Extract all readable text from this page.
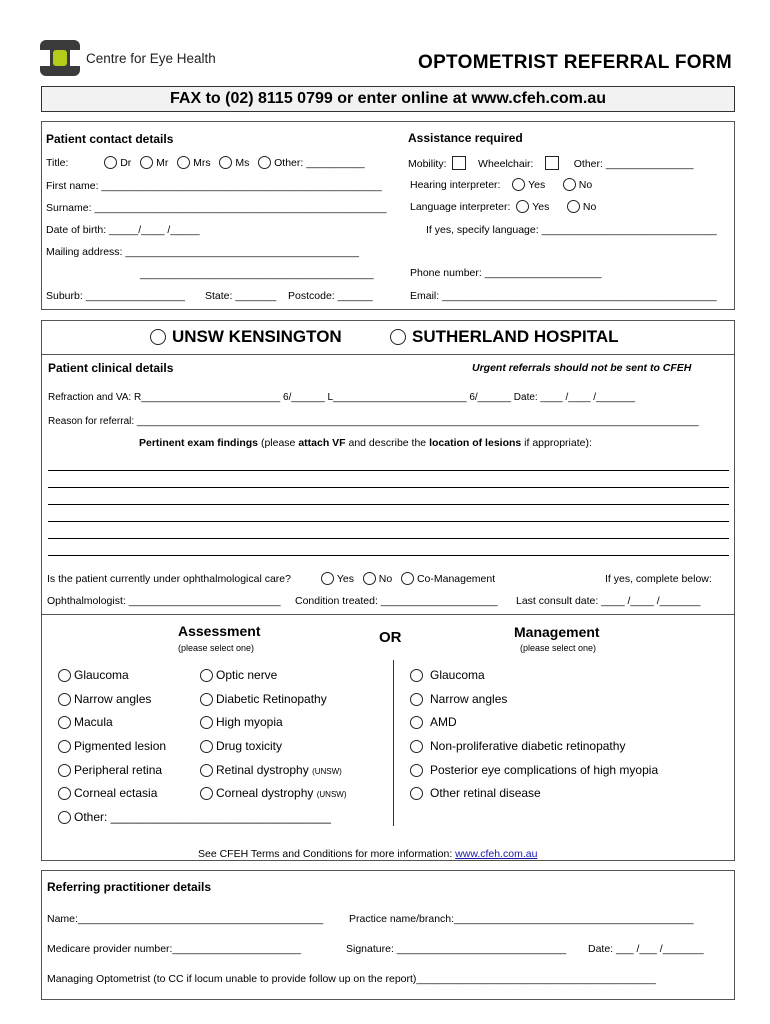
Centre for Eye Health	OPTOMETRIST REFERRAL FORM
FAX to (02) 8115 0799 or enter online at www.cfeh.com.au
Patient contact details	Assistance required
Title:	Dr Mr Mrs Ms Other: __________
First name: ________________________________________________
Surname: __________________________________________________
Date of birth: _____/____ /_____
Mailing address: ________________________________________
________________________________________
Suburb: _________________ State: _______ Postcode: ______
Mobility:	Wheelchair:	Other: _______________
Hearing interpreter:	Yes	No
Language interpreter: Yes	No
If yes, specify language: ______________________________
Phone number: ____________________
Email: _______________________________________________
UNSW KENSINGTON	SUTHERLAND HOSPITAL
Patient clinical details	Urgent referrals should not be sent to CFEH
Refraction and VA: R_________________________ 6/______ L________________________ 6/______ Date: ____ /____ /_______
Reason for referral: _____________________________________________________________________________________________________
Pertinent exam findings (please attach VF and describe the location of lesions if appropriate):
Is the patient currently under ophthalmological care?	Yes No Co-Management	If yes, complete below:
Ophthalmologist: __________________________ Condition treated: ____________________ Last consult date: ____ /____ /_______
Assessment
(please select one)
OR	Management
(please select one)
Glaucoma
Narrow angles
Macula
Pigmented lesion
Peripheral retina
Corneal ectasia
Other: _________________________________
Optic nerve
Diabetic Retinopathy
High myopia
Drug toxicity
Retinal dystrophy (UNSW)
Corneal dystrophy (UNSW)
Glaucoma
Narrow angles
AMD
Non-proliferative diabetic retinopathy
Posterior eye complications of high myopia
Other retinal disease
See CFEH Terms and Conditions for more information: www.cfeh.com.au
Referring practitioner details
Name:__________________________________________ Practice name/branch:_________________________________________
Medicare provider number:______________________	Signature: _____________________________ Date: ___ /___ /_______
Managing Optometrist (to CC if locum unable to provide follow up on the report)_________________________________________
